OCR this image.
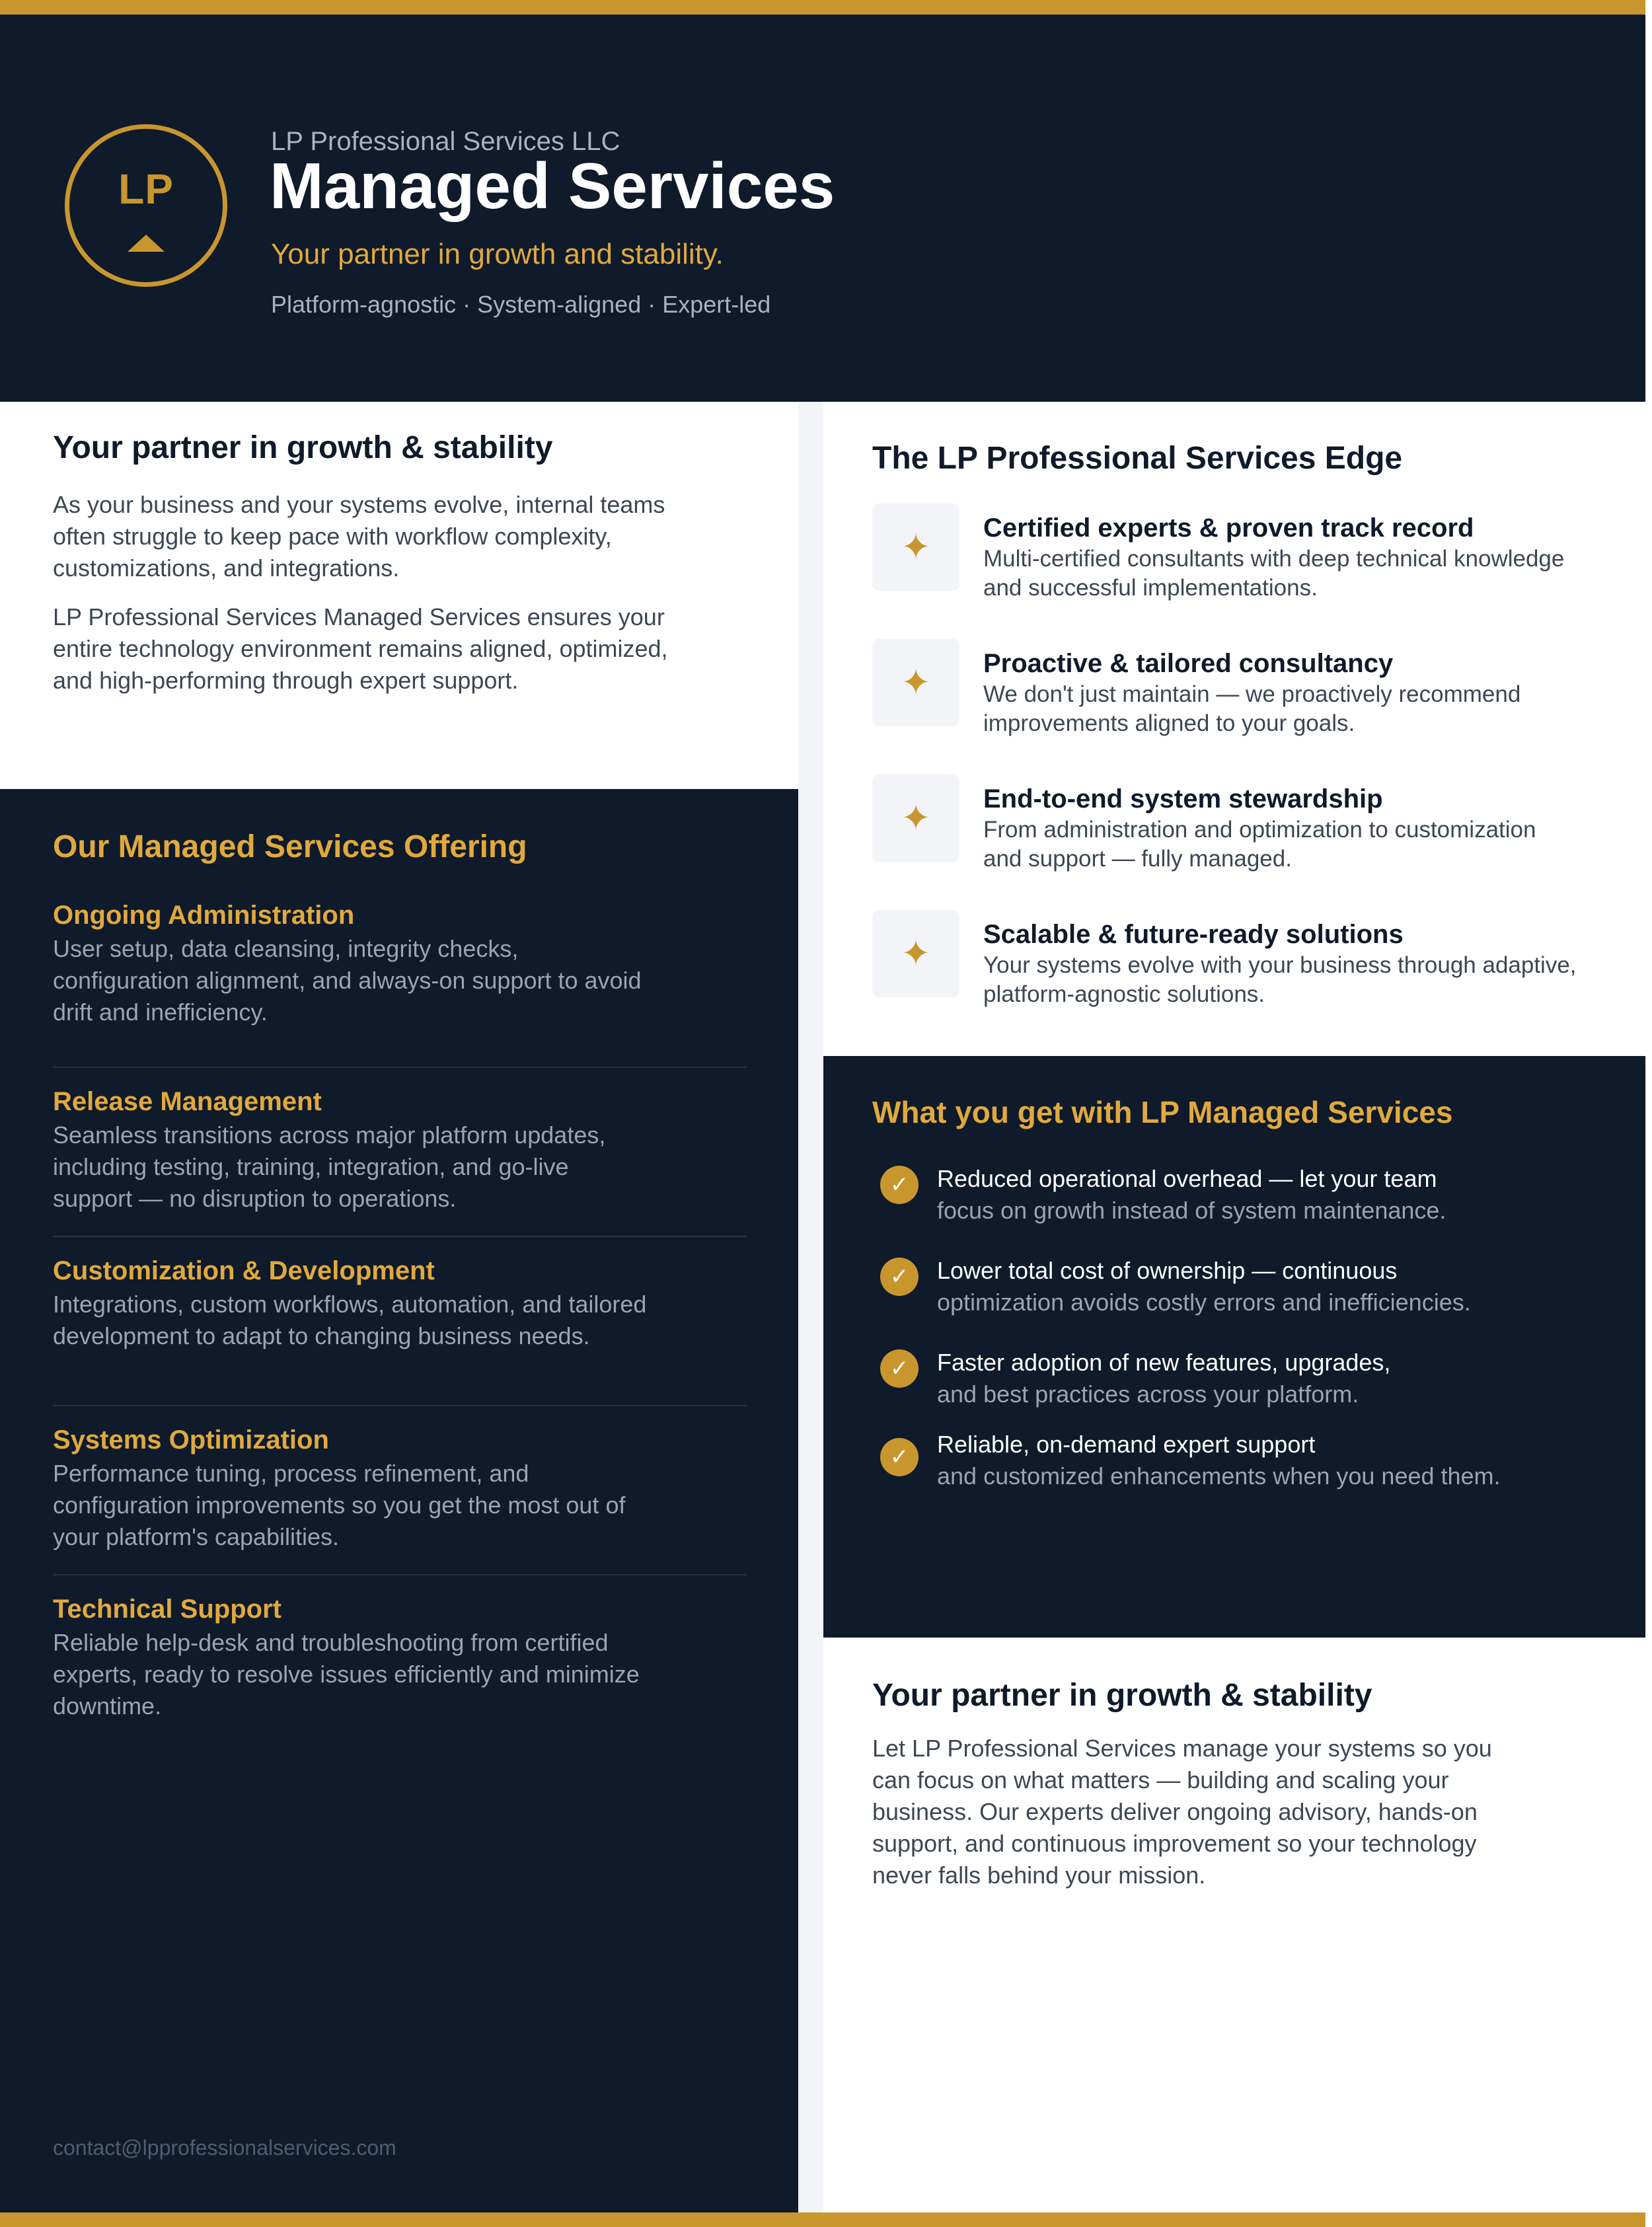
LP
LP Professional Services LLC
Managed Services
Your partner in growth and stability.
Platform-agnostic · System-aligned · Expert-led
Your partner in growth & stability

As your business and your systems evolve, internal teams often struggle to keep pace with workflow complexity, customizations, and integrations.

LP Professional Services Managed Services ensures your entire technology environment remains aligned, optimized, and high-performing through expert support.

Our Managed Services Offering
Ongoing Administration

User setup, data cleansing, integrity checks, configuration alignment, and always-on support to avoid drift and inefficiency.

Release Management

Seamless transitions across major platform updates, including testing, training, integration, and go-live support — no disruption to operations.

Customization & Development

Integrations, custom workflows, automation, and tailored development to adapt to changing business needs.

Systems Optimization

Performance tuning, process refinement, and configuration improvements so you get the most out of your platform's capabilities.

Technical Support

Reliable help-desk and troubleshooting from certified experts, ready to resolve issues efficiently and minimize downtime.

contact@lpprofessionalservices.com
The LP Professional Services Edge
✦	Certified experts & proven track record

Multi-certified consultants with deep technical knowledge and successful implementations.

✦	Proactive & tailored consultancy

We don't just maintain — we proactively recommend improvements aligned to your goals.

✦	End-to-end system stewardship

From administration and optimization to customization and support — fully managed.

✦	Scalable & future-ready solutions

Your systems evolve with your business through adaptive, platform-agnostic solutions.

What you get with LP Managed Services
✓	Reduced operational overhead — let your team

focus on growth instead of system maintenance.

✓	Lower total cost of ownership — continuous

optimization avoids costly errors and inefficiencies.

✓	Faster adoption of new features, upgrades,

and best practices across your platform.

✓	Reliable, on-demand expert support

and customized enhancements when you need them.

Your partner in growth & stability

Let LP Professional Services manage your systems so you can focus on what matters — building and scaling your business. Our experts deliver ongoing advisory, hands-on support, and continuous improvement so your technology never falls behind your mission.
